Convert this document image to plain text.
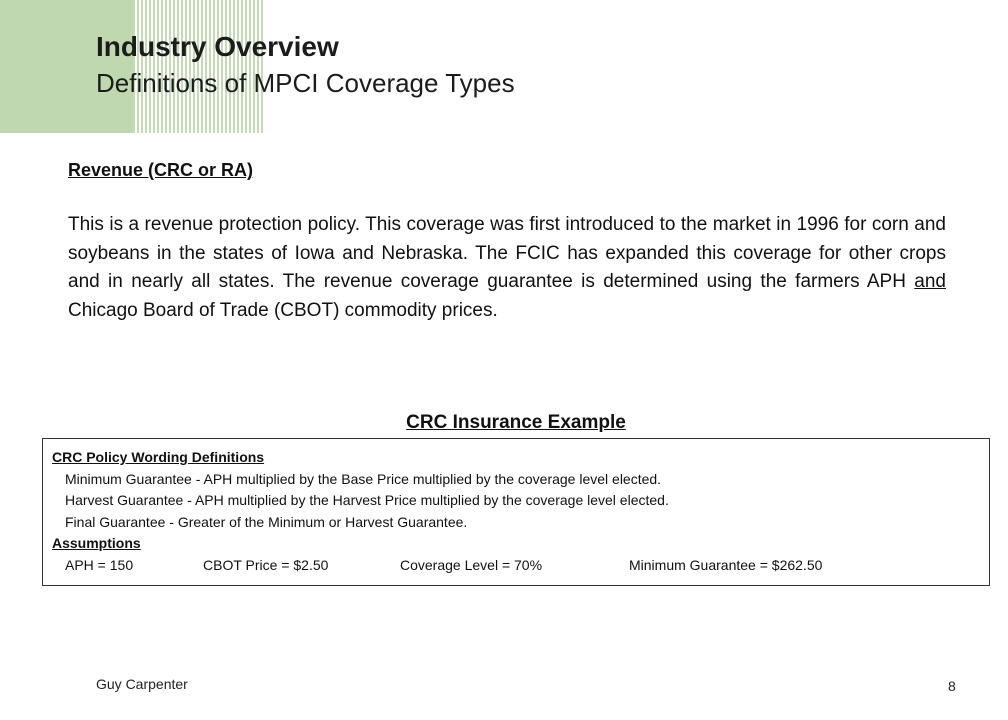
Industry Overview
Definitions of MPCI Coverage Types
Revenue (CRC or RA)
This is a revenue protection policy. This coverage was first introduced to the market in 1996 for corn and soybeans in the states of Iowa and Nebraska. The FCIC has expanded this coverage for other crops and in nearly all states. The revenue coverage guarantee is determined using the farmers APH and Chicago Board of Trade (CBOT) commodity prices.
CRC Insurance Example
CRC Policy Wording Definitions
Minimum Guarantee - APH multiplied by the Base Price multiplied by the coverage level elected.
Harvest Guarantee - APH multiplied by the Harvest Price multiplied by the coverage level elected.
Final Guarantee - Greater of the Minimum or Harvest Guarantee.
Assumptions
APH = 150	CBOT Price = $2.50	Coverage Level = 70%	Minimum Guarantee = $262.50
Guy Carpenter	8
